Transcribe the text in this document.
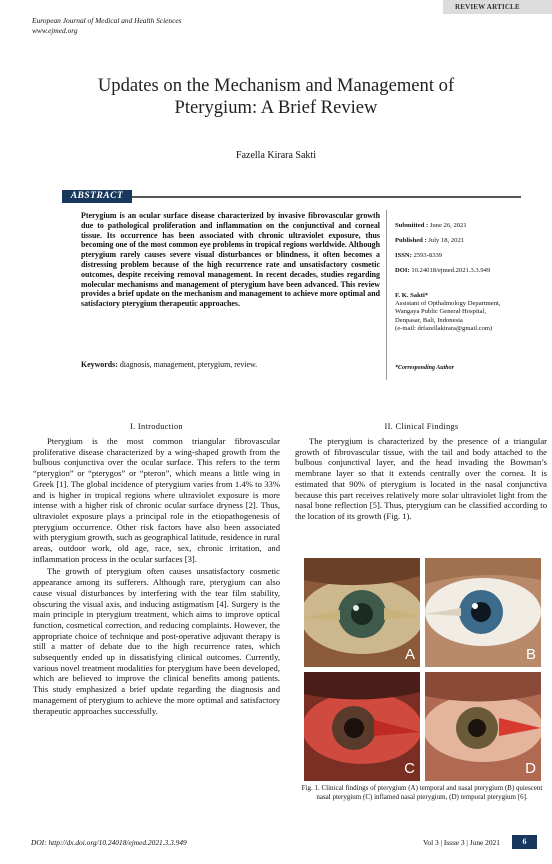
European Journal of Medical and Health Sciences
www.ejmed.org
REVIEW ARTICLE
Updates on the Mechanism and Management of
Pterygium: A Brief Review
Fazella Kirara Sakti
ABSTRACT
Pterygium is an ocular surface disease characterized by invasive fibrovascular growth due to pathological proliferation and inflammation on the conjunctival and corneal tissue. Its occurrence has been associated with chronic ultraviolet exposure, thus becoming one of the most common eye problems in tropical regions worldwide. Although pterygium rarely causes severe visual disturbances or blindness, it often becomes a distressing problem because of the high recurrence rate and unsatisfactory cosmetic outcomes, despite receiving removal management. In recent decades, studies regarding molecular mechanisms and management of pterygium have been advanced. This review provides a brief update on the mechanism and management to achieve more optimal and satisfactory pterygium therapeutic approaches.
Keywords: diagnosis, management, pterygium, review.
Submitted : June 26, 2021
Published : July 18, 2021
ISSN: 2593-8339
DOI: 10.24018/ejmed.2021.3.3.949
F. K. Sakti*
Assistant of Opthalmology Department,
Wangaya Public General Hospital,
Denpasar, Bali, Indonesia
(e-mail: drfazellakirara@gmail.com)
*Corresponding Author
I. Introduction	II. Clinical Findings

Pterygium is the most common triangular fibrovascular proliferative disease characterized by a wing-shaped growth from the bulbous conjunctiva over the ocular surface. This refers to the term “pterygion” or “pterygos” or “pteron”, which means a little wing in Greek [1]. The global incidence of pterygium varies from 1.4% to 33% and is higher in tropical regions where ultraviolet exposure is more intense with a higher risk of chronic ocular surface dryness [2]. Thus, ultraviolet exposure plays a principal role in the etiopathogenesis of pterygium occurrence. Other risk factors have also been associated with pterygium growth, such as geographical latitude, residence in rural areas, outdoor work, old age, race, sex, chronic irritation, and inflammation process in the ocular surfaces [3].

The growth of pterygium often causes unsatisfactory cosmetic appearance among its sufferers. Although rare, pterygium can also cause visual disturbances by interfering with the tear film stability, obscuring the visual axis, and inducing astigmatism [4]. Surgery is the main principle in pterygium treatment, which aims to improve optical function, cosmetical correction, and reducing complaints. However, the appropriate choice of technique and post-operative adjuvant therapy is still a matter of debate due to the high recurrence rates, which subsequently ended up in dissatisfying clinical outcomes. Currently, various novel treatment modalities for pterygium have been developed, which are believed to improve the clinical benefits among patients. This study emphasized a brief update regarding the diagnosis and management of pterygium to achieve the more optimal and satisfactory therapeutic approaches successfully.

The pterygium is characterized by the presence of a triangular growth of fibrovascular tissue, with the tail and body attached to the bulbous conjunctival layer, and the head invading the Bowman’s membrane layer so that it extends centrally over the cornea. It is estimated that 90% of pterygium is located in the nasal conjunctiva because this part receives relatively more solar ultraviolet light from the nasal bone reflection [5]. Thus, pterygium can be classified according to the location of its growth (Fig. 1).

A	B
C	D
Fig. 1. Clinical findings of pterygium (A) temporal and nasal pterygium (B) quiescent nasal pterygium (C) inflamed nasal pterygium, (D) temporal pterygium [6].
DOI: http://dx.doi.org/10.24018/ejmed.2021.3.3.949	Vol 3 | Issue 3 | June 2021	6
